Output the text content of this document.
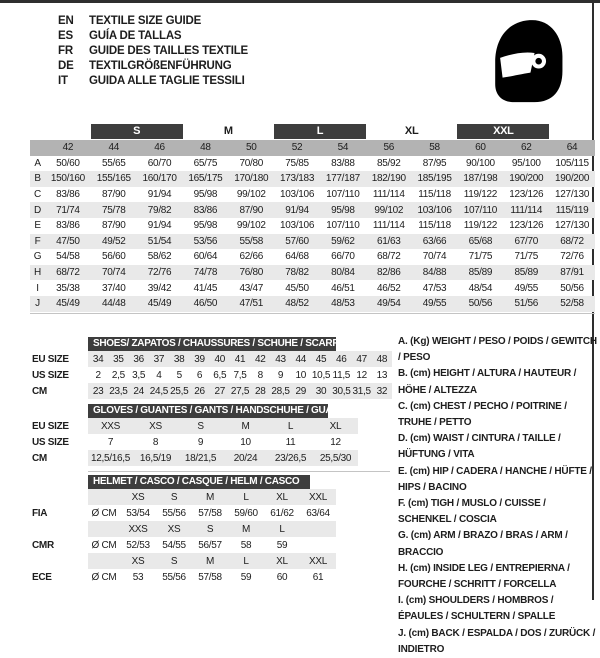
EN	TEXTILE SIZE GUIDE
ES	GUÍA DE TALLAS
FR	GUIDE DES TAILLES TEXTILE
DE	TEXTILGRÖßENFÜHRUNG
IT	GUIDA ALLE TAGLIE TESSILI
S	M	L	XL	XXL
42	44	46	48	50	52	54	56	58	60	62	64
A	50/60	55/65	60/70	65/75	70/80	75/85	83/88	85/92	87/95	90/100	95/100	105/115
B	150/160	155/165	160/170	165/175	170/180	173/183	177/187	182/190	185/195	187/198	190/200	190/200
C	83/86	87/90	91/94	95/98	99/102	103/106	107/110	111/114	115/118	119/122	123/126	127/130
D	71/74	75/78	79/82	83/86	87/90	91/94	95/98	99/102	103/106	107/110	111/114	115/119
E	83/86	87/90	91/94	95/98	99/102	103/106	107/110	111/114	115/118	119/122	123/126	127/130
F	47/50	49/52	51/54	53/56	55/58	57/60	59/62	61/63	63/66	65/68	67/70	68/72
G	54/58	56/60	58/62	60/64	62/66	64/68	66/70	68/72	70/74	71/75	71/75	72/76
H	68/72	70/74	72/76	74/78	76/80	78/82	80/84	82/86	84/88	85/89	85/89	87/91
I	35/38	37/40	39/42	41/45	43/47	45/50	46/51	46/52	47/53	48/54	49/55	50/56
J	45/49	44/48	45/49	46/50	47/51	48/52	48/53	49/54	49/55	50/56	51/56	52/58
SHOES/ ZAPATOS / CHAUSSURES / SCHUHE / SCARPE
EU SIZE	34 35 36 37 38 39 40 41 42 43 44 45 46 47 48
US SIZE	2	2,5 3,5	4	5	6	6,5 7,5	8	9	10 10,5 11,5 12 13
CM	23 23,5 24 24,5 25,5 26 27 27,5 28 28,5 29 30 30,5 31,5 32
GLOVES / GUANTES / GANTS / HANDSCHUHE / GUANTI
EU SIZE	XXS	XS	S	M	L	XL
US SIZE	7	8	9	10	11	12
CM	12,5/16,5 16,5/19	18/21,5	20/24	23/26,5	25,5/30
HELMET / CASCO / CASQUE / HELM / CASCO
XS	S	M	L	XL	XXL
FIA	Ø CM 53/54	55/56	57/58	59/60	61/62	63/64
XXS	XS	S	M	L
CMR	Ø CM 52/53	54/55	56/57	58	59
XS	S	M	L	XL	XXL
ECE	Ø CM	53	55/56	57/58	59	60	61
A. (Kg) WEIGHT / PESO / POIDS / GEWITCH / PESO
B. (cm) HEIGHT / ALTURA / HAUTEUR / HÖHE / ALTEZZA
C. (cm) CHEST / PECHO / POITRINE / TRUHE / PETTO
D. (cm) WAIST / CINTURA / TAILLE / HÜFTUNG / VITA
E. (cm) HIP / CADERA / HANCHE / HÜFTE / HIPS / BACINO
F. (cm) TIGH / MUSLO / CUISSE / SCHENKEL / COSCIA
G. (cm) ARM / BRAZO / BRAS / ARM / BRACCIO
H. (cm) INSIDE LEG / ENTREPIERNA / FOURCHE / SCHRITT / FORCELLA
I. (cm) SHOULDERS / HOMBROS / ÉPAULES / SCHULTERN / SPALLE
J. (cm) BACK / ESPALDA / DOS / ZURÜCK / INDIETRO
